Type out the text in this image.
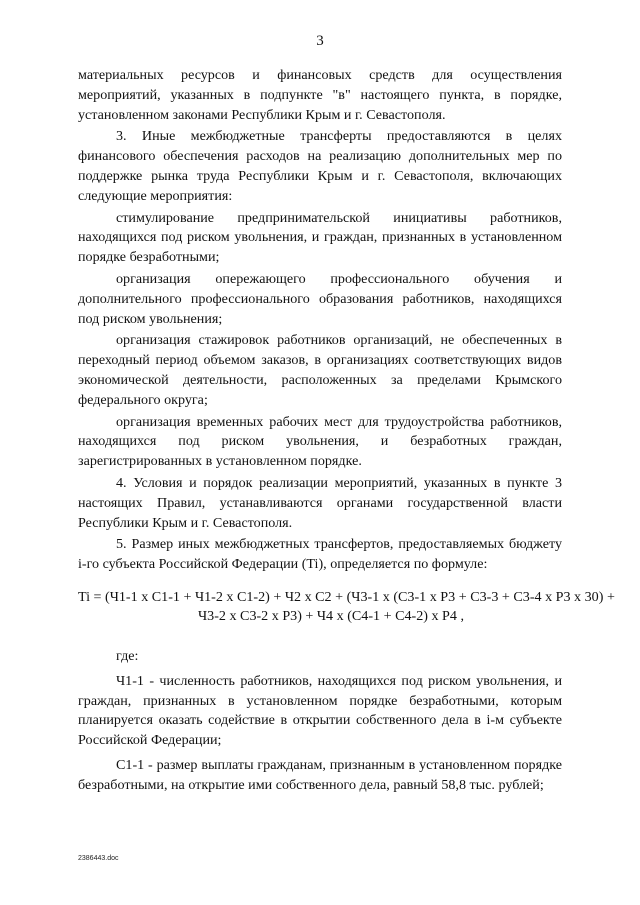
3

материальных ресурсов и финансовых средств для осуществления мероприятий, указанных в подпункте "в" настоящего пункта, в порядке, установленном законами Республики Крым и г. Севастополя.

3. Иные межбюджетные трансферты предоставляются в целях финансового обеспечения расходов на реализацию дополнительных мер по поддержке рынка труда Республики Крым и г. Севастополя, включающих следующие мероприятия:

стимулирование предпринимательской инициативы работников, находящихся под риском увольнения, и граждан, признанных в установленном порядке безработными;

организация опережающего профессионального обучения и дополнительного профессионального образования работников, находящихся под риском увольнения;

организация стажировок работников организаций, не обеспеченных в переходный период объемом заказов, в организациях соответствующих видов экономической деятельности, расположенных за пределами Крымского федерального округа;

организация временных рабочих мест для трудоустройства работников, находящихся под риском увольнения, и безработных граждан, зарегистрированных в установленном порядке.

4. Условия и порядок реализации мероприятий, указанных в пункте 3 настоящих Правил, устанавливаются органами государственной власти Республики Крым и г. Севастополя.

5. Размер иных межбюджетных трансфертов, предоставляемых бюджету i-го субъекта Российской Федерации (Ti), определяется по формуле:

Ti = (Ч1-1 x С1-1 + Ч1-2 x С1-2) + Ч2 x С2 + (Ч3-1 x (С3-1 x Р3 + С3-3 + С3-4 x Р3 x 30) +
Ч3-2 x С3-2 x Р3) + Ч4 x (С4-1 + С4-2) x Р4 ,

где:

Ч1-1 - численность работников, находящихся под риском увольнения, и граждан, признанных в установленном порядке безработными, которым планируется оказать содействие в открытии собственного дела в i-м субъекте Российской Федерации;

С1-1 - размер выплаты гражданам, признанным в установленном порядке безработными, на открытие ими собственного дела, равный 58,8 тыс. рублей;

2386443.doc
